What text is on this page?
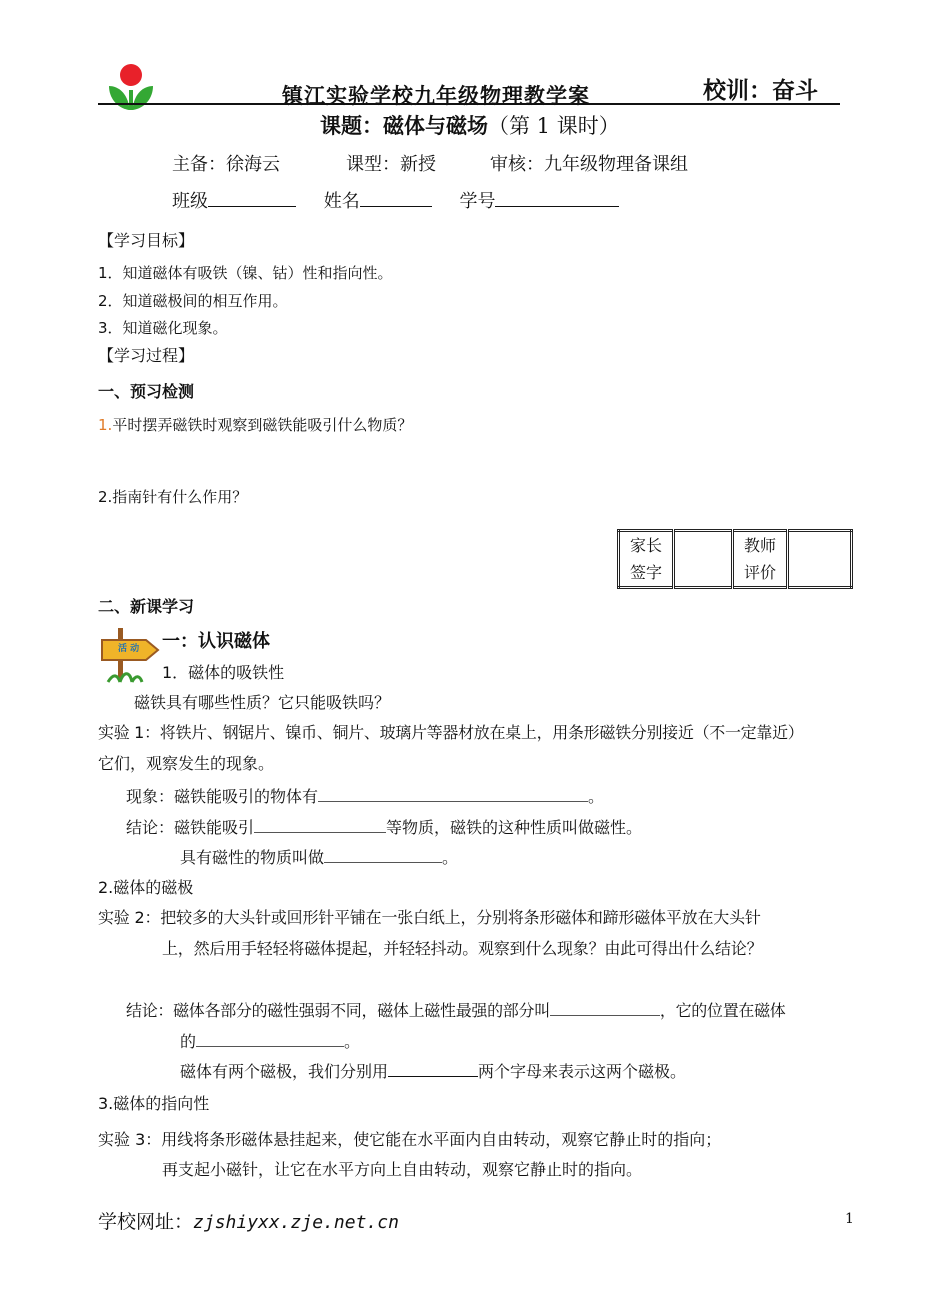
镇江实验学校九年级物理教学案	校训：奋斗
课题：磁体与磁场（第 1 课时）
主备：徐海云	课型：新授	审核：九年级物理备课组
班级	姓名	学号
【学习目标】
1．知道磁体有吸铁（镍、钴）性和指向性。
2．知道磁极间的相互作用。
3．知道磁化现象。
【学习过程】
一、预习检测
1.平时摆弄磁铁时观察到磁铁能吸引什么物质？
2.指南针有什么作用？
家长
签字

教师
评价

二、新课学习
活 动 一：认识磁体
1．磁体的吸铁性
磁铁具有哪些性质？它只能吸铁吗？
实验 1：将铁片、钢锯片、镍币、铜片、玻璃片等器材放在桌上，用条形磁铁分别接近（不一定靠近）
它们，观察发生的现象。
现象：磁铁能吸引的物体有	。
结论：磁铁能吸引	等物质，磁铁的这种性质叫做磁性。
具有磁性的物质叫做	。
2.磁体的磁极
实验 2：把较多的大头针或回形针平铺在一张白纸上，分别将条形磁体和蹄形磁体平放在大头针
上，然后用手轻轻将磁体提起，并轻轻抖动。观察到什么现象？由此可得出什么结论？
结论：磁体各部分的磁性强弱不同，磁体上磁性最强的部分叫	，它的位置在磁体
的	。
磁体有两个磁极，我们分别用	两个字母来表示这两个磁极。
3.磁体的指向性
实验 3：用线将条形磁体悬挂起来，使它能在水平面内自由转动，观察它静止时的指向；
再支起小磁针，让它在水平方向上自由转动，观察它静止时的指向。
学校网址：zjshiyxx.zje.net.cn	1
